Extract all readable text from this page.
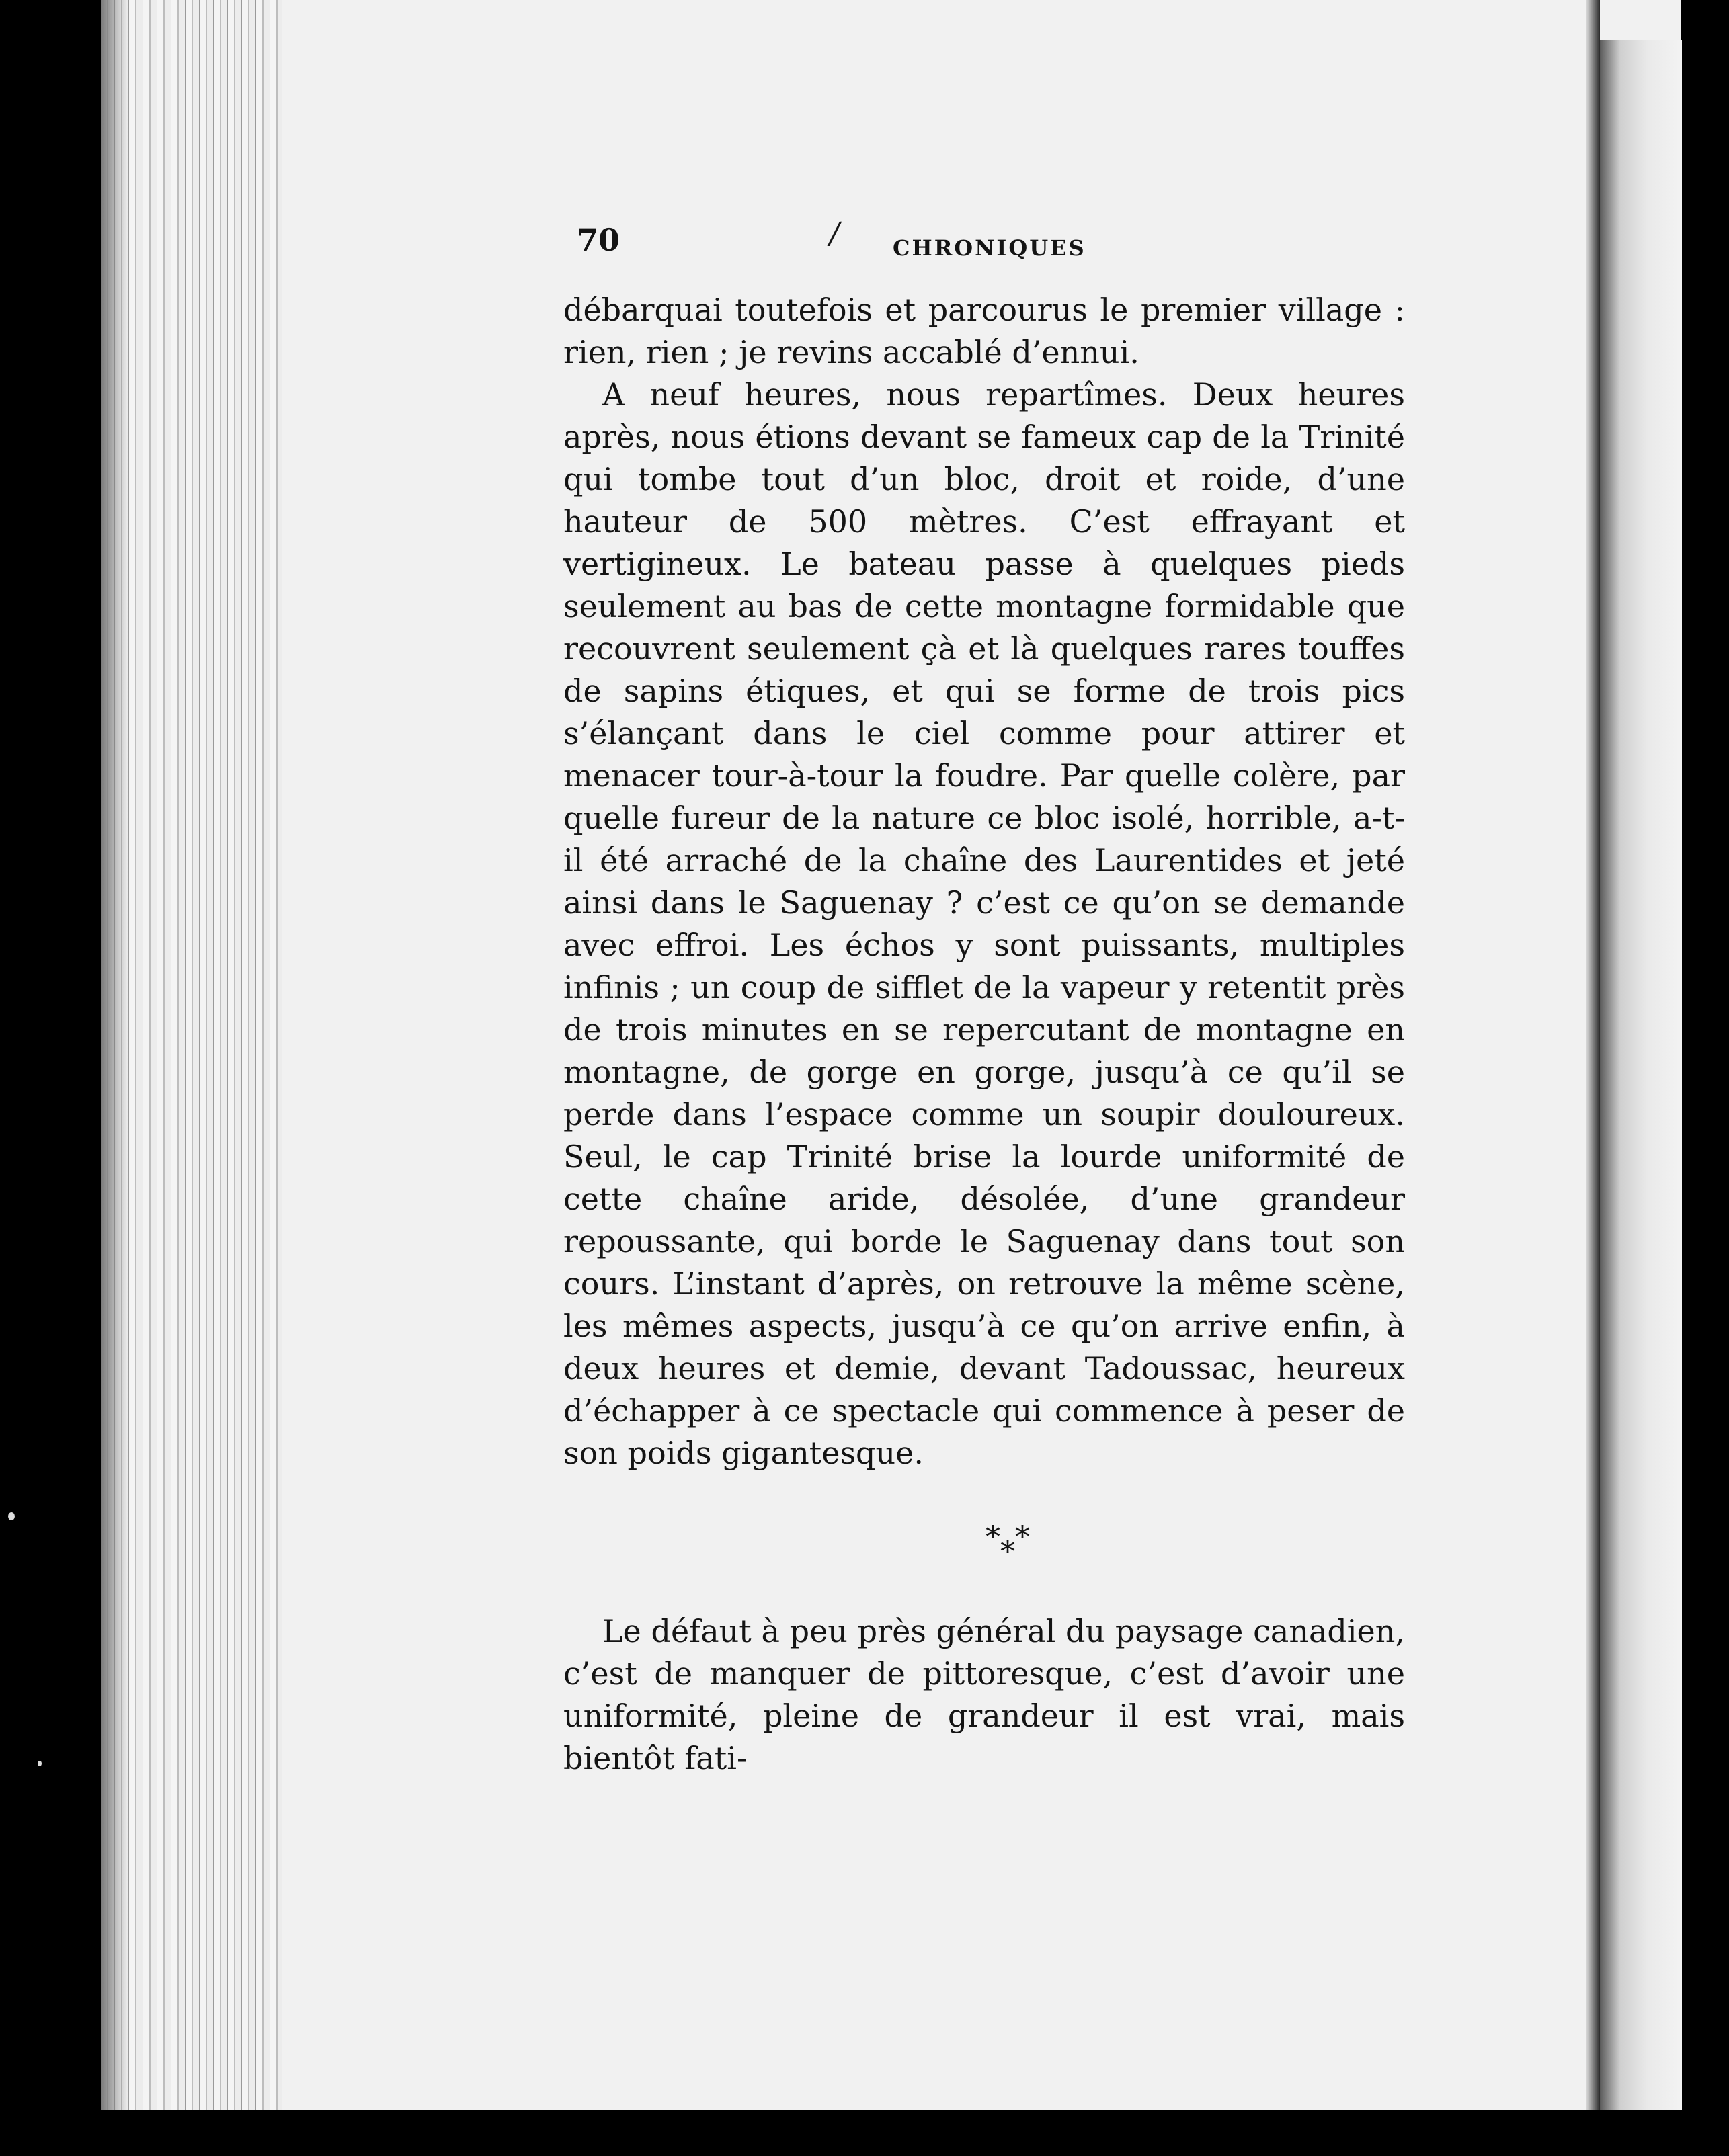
70	/ CHRONIQUES

débarquai toutefois et parcourus le premier village : rien, rien ; je revins accablé d’ennui.

A neuf heures, nous repartîmes. Deux heures après, nous étions devant se fameux cap de la Trinité qui tombe tout d’un bloc, droit et roide, d’une hauteur de 500 mètres. C’est effrayant et vertigineux. Le bateau passe à quelques pieds seulement au bas de cette montagne formidable que recouvrent seulement çà et là quelques rares touffes de sapins étiques, et qui se forme de trois pics s’élançant dans le ciel comme pour attirer et menacer tour-à-tour la foudre. Par quelle colère, par quelle fureur de la nature ce bloc isolé, horrible, a-t-il été arraché de la chaîne des Laurentides et jeté ainsi dans le Saguenay ? c’est ce qu’on se demande avec effroi. Les échos y sont puissants, multiples infinis ; un coup de sifflet de la vapeur y retentit près de trois minutes en se repercutant de montagne en montagne, de gorge en gorge, jusqu’à ce qu’il se perde dans l’espace comme un soupir douloureux. Seul, le cap Trinité brise la lourde uniformité de cette chaîne aride, désolée, d’une grandeur repoussante, qui borde le Saguenay dans tout son cours. L’instant d’après, on retrouve la même scène, les mêmes aspects, jusqu’à ce qu’on arrive enfin, à deux heures et demie, devant Tadoussac, heureux d’échapper à ce spectacle qui commence à peser de son poids gigantesque.

***

Le défaut à peu près général du paysage canadien, c’est de manquer de pittoresque, c’est d’avoir une uniformité, pleine de grandeur il est vrai, mais bientôt fati-
